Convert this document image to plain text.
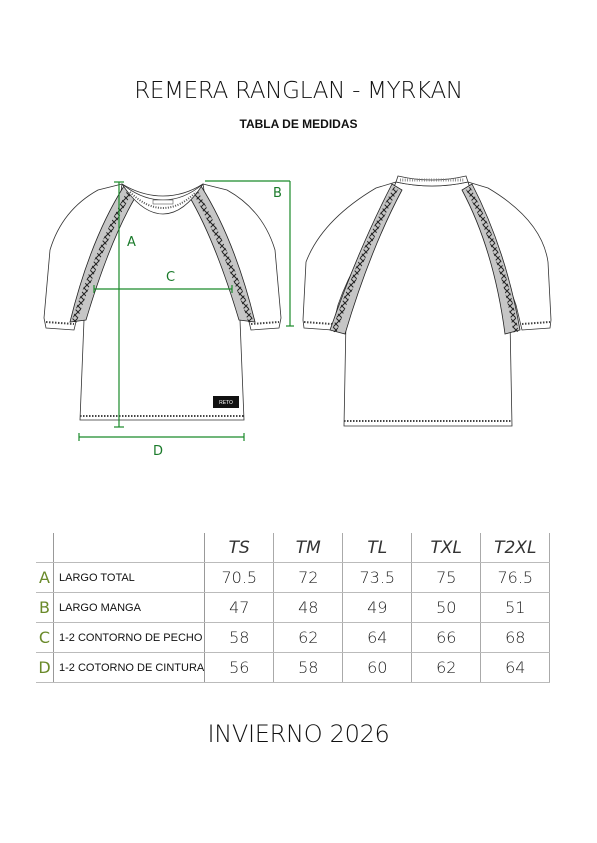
REMERA RANGLAN - MYRKAN
TABLA DE MEDIDAS
RETO
A
B
C
D
		TS	TM	TL	TXL	T2XL
A	LARGO TOTAL	70.5	72	73.5	75	76.5
B	LARGO MANGA	47	48	49	50	51
C	1-2 CONTORNO DE PECHO	58	62	64	66	68
D	1-2 COTORNO DE CINTURA	56	58	60	62	64
INVIERNO 2026
